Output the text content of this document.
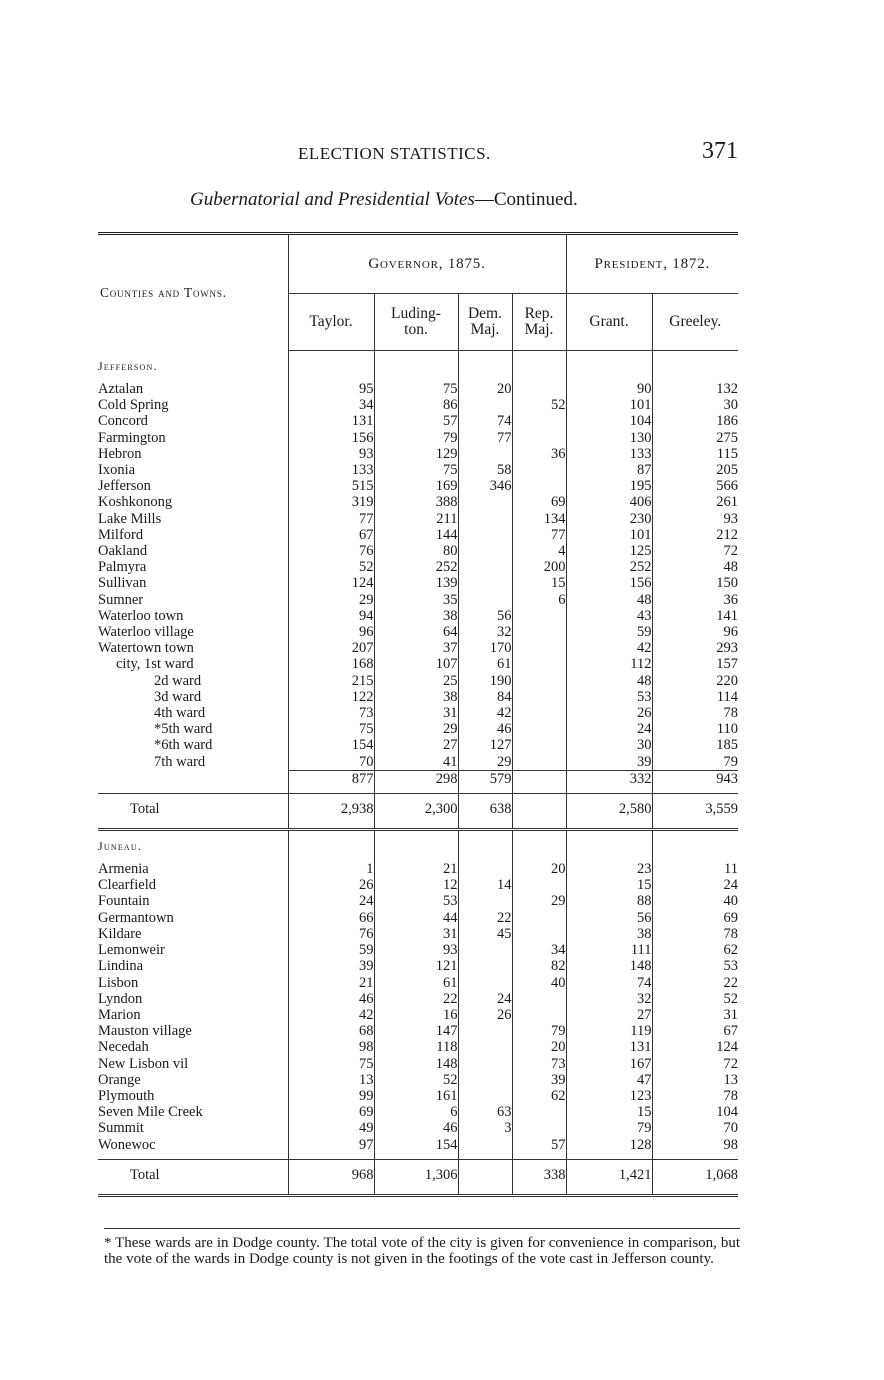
ELECTION STATISTICS.	371
Gubernatorial and Presidential Votes—Continued.
Counties and Towns.	Governor, 1875.				President, 1872.	
	Taylor.	Luding- ton.	Dem. Maj.	Rep. Maj.	Grant.	Greeley.
Jefferson.						
Aztalan	95	75	20		90	132
Cold Spring	34	86		52	101	30
Concord	131	57	74		104	186
Farmington	156	79	77		130	275
Hebron	93	129		36	133	115
Ixonia	133	75	58		87	205
Jefferson	515	169	346		195	566
Koshkonong	319	388		69	406	261
Lake Mills	77	211		134	230	93
Milford	67	144		77	101	212
Oakland	76	80		4	125	72
Palmyra	52	252		200	252	48
Sullivan	124	139		15	156	150
Sumner	29	35		6	48	36
Waterloo town	94	38	56		43	141
Waterloo village	96	64	32		59	96
Watertown town	207	37	170		42	293
city, 1st ward	168	107	61		112	157
2d ward	215	25	190		48	220
3d ward	122	38	84		53	114
4th ward	73	31	42		26	78
*5th ward	75	29	46		24	110
*6th ward	154	27	127		30	185
7th ward	70	41	29		39	79
	877	298	579		332	943

Total	2,938	2,300	638		2,580	3,559

Juneau.						
Armenia	1	21		20	23	11
Clearfield	26	12	14		15	24
Fountain	24	53		29	88	40
Germantown	66	44	22		56	69
Kildare	76	31	45		38	78
Lemonweir	59	93		34	111	62
Lindina	39	121		82	148	53
Lisbon	21	61		40	74	22
Lyndon	46	22	24		32	52
Marion	42	16	26		27	31
Mauston village	68	147		79	119	67
Necedah	98	118		20	131	124
New Lisbon vil	75	148		73	167	72
Orange	13	52		39	47	13
Plymouth	99	161		62	123	78
Seven Mile Creek	69	6	63		15	104
Summit	49	46	3		79	70
Wonewoc	97	154		57	128	98

Total	968	1,306		338	1,421	1,068

* These wards are in Dodge county. The total vote of the city is given for convenience in comparison, but the vote of the wards in Dodge county is not given in the footings of the vote cast in Jefferson county.
